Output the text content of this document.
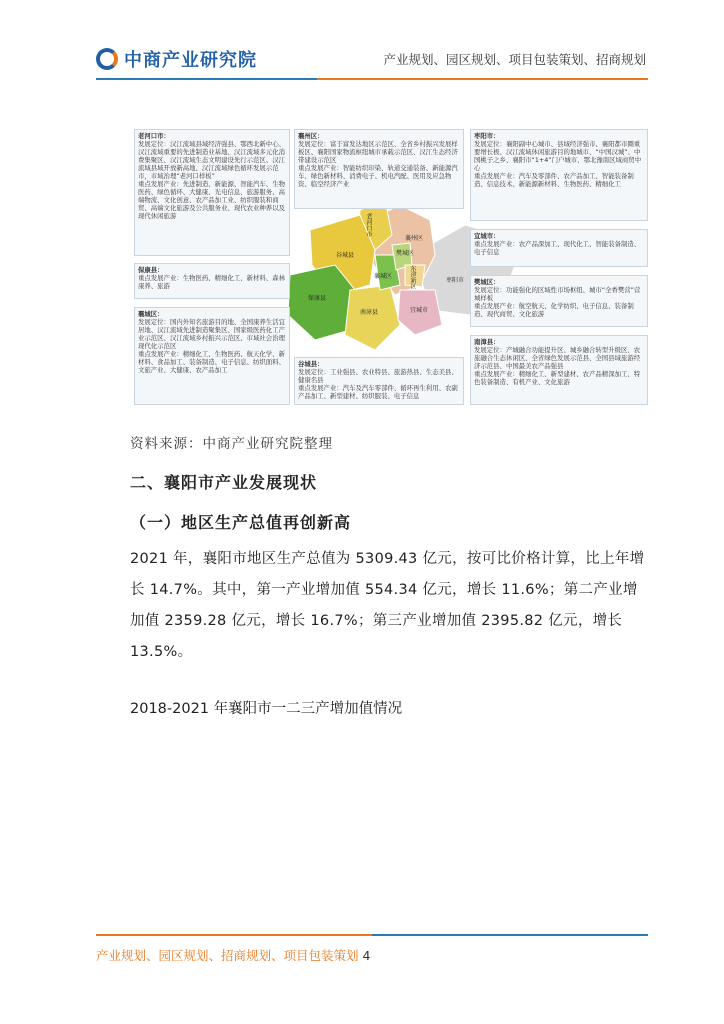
中商产业研究院	产业规划、园区规划、项目包装策划、招商规划
老河口市
谷城县
保康县
南漳县
襄城区
樊城区
襄州区
枣阳市
宜城市
东津新区
老河口市：
发展定位：汉江流域县域经济强县、鄂西北新中心、汉江流域重要的先进制造业基地、汉江流域多元化消费集聚区、汉江流域生态文明建设先行示范区、汉江流域县域开放新高地、汉江流域绿色循环发展示范市，市域治理“老河口样板”
重点发展产业：先进制造、新能源、智能汽车、生物医药、绿色循环、大健康、光电信息、旅游服务、高端物流、文化创意、农产品加工业、纺织服装和商贸、高端文化旅游及公共服务业、现代农业种养以及现代休闲旅游
襄州区：
发展定位：富于富发达地区示范区、全省乡村振兴发展样板区、襄阳国家物流枢纽城市承载示范区、汉江生态经济带建设示范区
重点发展产业：智能纺织印染、轨道交通装备、新能源汽车、绿色新材料、消费电子、机电汽配、医用及应急物资、临空经济产业
枣阳市：
发展定位：襄阳副中心城市、县域经济强市、襄阳都市圈重要增长极、汉江流域休闲旅游目的地城市、“中国汉城”、中国桃子之乡、襄阳市“1+4”门户城市、鄂北豫南区域商贸中心
重点发展产业：汽车及零部件、农产品加工、智能装备制造、信息技术、新能源新材料、生物医药、精细化工
宜城市：
重点发展产业：农产品深加工、现代化工、智能装备制造、电子信息
保康县：
重点发展产业：生物医药、精细化工、新材料、森林康养、旅游	樊城区：
发展定位：功能强化的区域性市场枢纽、城市“全香樊营”营城样板
重点发展产业：航空航天、化学纺织、电子信息、装备制造、现代商贸、文化旅游
襄城区：
发展定位：国内外知名旅游目的地、全国康养生活宜居地、汉江流域先进制造聚集区、国家级医药化工产业示范区、汉江流域乡村振兴示范区、市域社会治理现代化示范区
重点发展产业：精细化工、生物医药、航天化学、新材料、食品加工、装备制造、电子信息、纺织面料、文旅产业、大健康、农产品加工
谷城县：
发展定位：工业强县、农业特县、旅游热县、生态美县、健康名县
重点发展产业：汽车及汽车零部件、循环再生利用、农副产品加工、新型建材、纺织服装、电子信息
南漳县：
发展定位：产城融合功能提升区、城乡融合转型升级区、农旅融合生态休闲区、全省绿色发展示范县、全国县域旅游经济示范县、中国最美农产品强县
重点发展产业：精细化工、新型建材、农产品精深加工、特色装备制造、有机产业、文化旅游
资料来源：中商产业研究院整理
二、襄阳市产业发展现状
（一）地区生产总值再创新高
2021 年，襄阳市地区生产总值为 5309.43 亿元，按可比价格计算，比上年增长 14.7%。其中，第一产业增加值 554.34 亿元，增长 11.6%；第二产业增加值 2359.28 亿元，增长 16.7%；第三产业增加值 2395.82 亿元，增长 13.5%。
2018-2021 年襄阳市一二三产增加值情况
产业规划、园区规划、招商规划、项目包装策划 4
